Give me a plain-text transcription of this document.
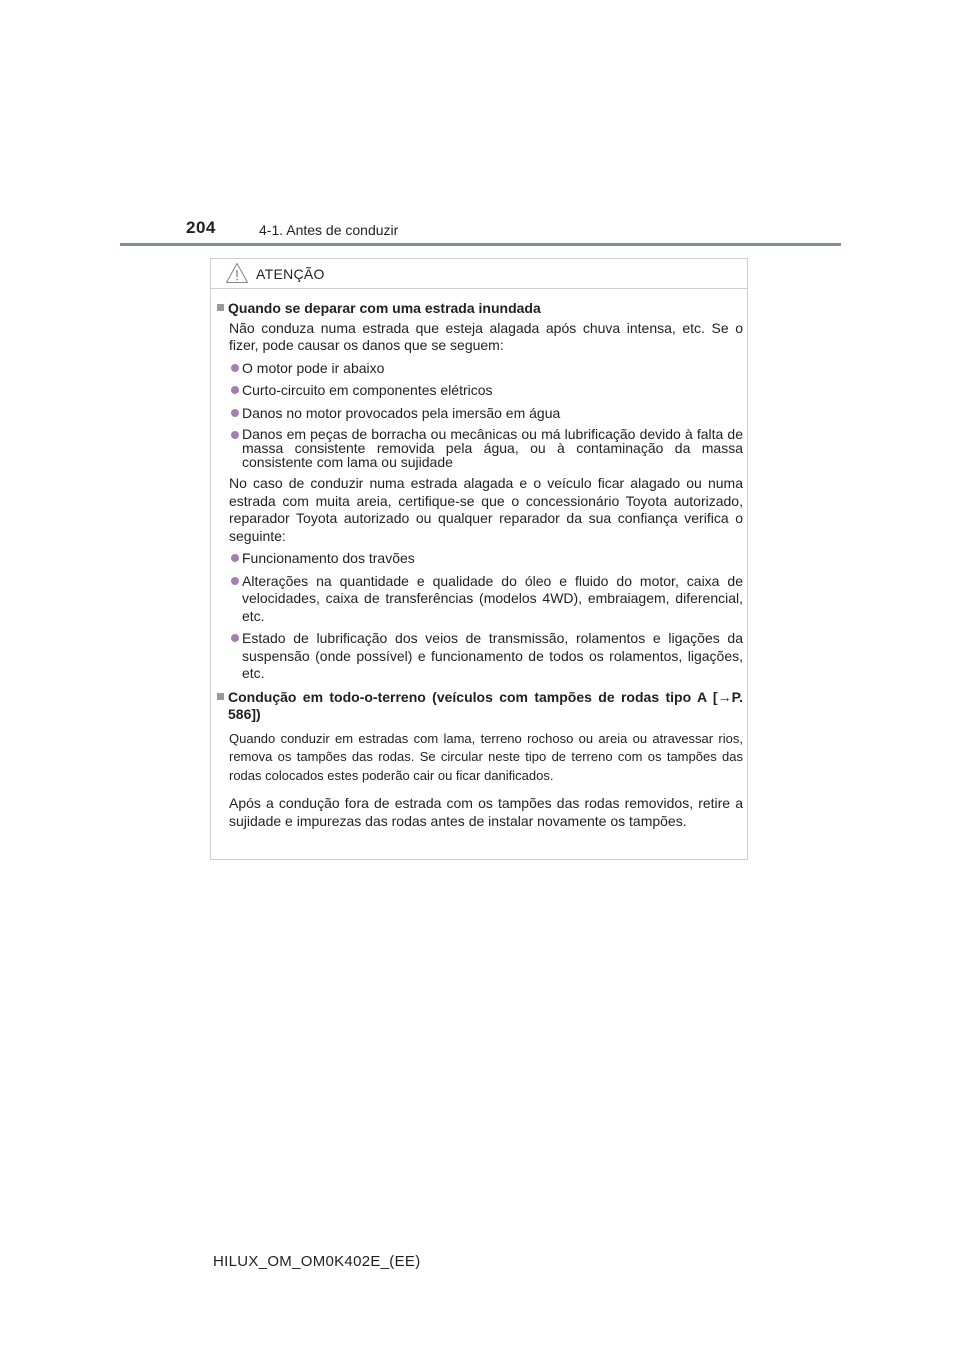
204	4-1. Antes de conduzir
ATENÇÃO
Quando se deparar com uma estrada inundada
Não conduza numa estrada que esteja alagada após chuva intensa, etc. Se o fizer, pode causar os danos que se seguem:
O motor pode ir abaixo
Curto-circuito em componentes elétricos
Danos no motor provocados pela imersão em água
Danos em peças de borracha ou mecânicas ou má lubrificação devido à falta de massa consistente removida pela água, ou à contaminação da massa consistente com lama ou sujidade
No caso de conduzir numa estrada alagada e o veículo ficar alagado ou numa estrada com muita areia, certifique-se que o concessionário Toyota autorizado, reparador Toyota autorizado ou qualquer reparador da sua confiança verifica o seguinte:
Funcionamento dos travões
Alterações na quantidade e qualidade do óleo e fluido do motor, caixa de velocidades, caixa de transferências (modelos 4WD), embraiagem, diferencial, etc.
Estado de lubrificação dos veios de transmissão, rolamentos e ligações da suspensão (onde possível) e funcionamento de todos os rolamentos, ligações, etc.
Condução em todo-o-terreno (veículos com tampões de rodas tipo A [→P. 586])
Quando conduzir em estradas com lama, terreno rochoso ou areia ou atravessar rios, remova os tampões das rodas. Se circular neste tipo de terreno com os tampões das rodas colocados estes poderão cair ou ficar danificados.
Após a condução fora de estrada com os tampões das rodas removidos, retire a sujidade e impurezas das rodas antes de instalar novamente os tampões.
HILUX_OM_OM0K402E_(EE)
